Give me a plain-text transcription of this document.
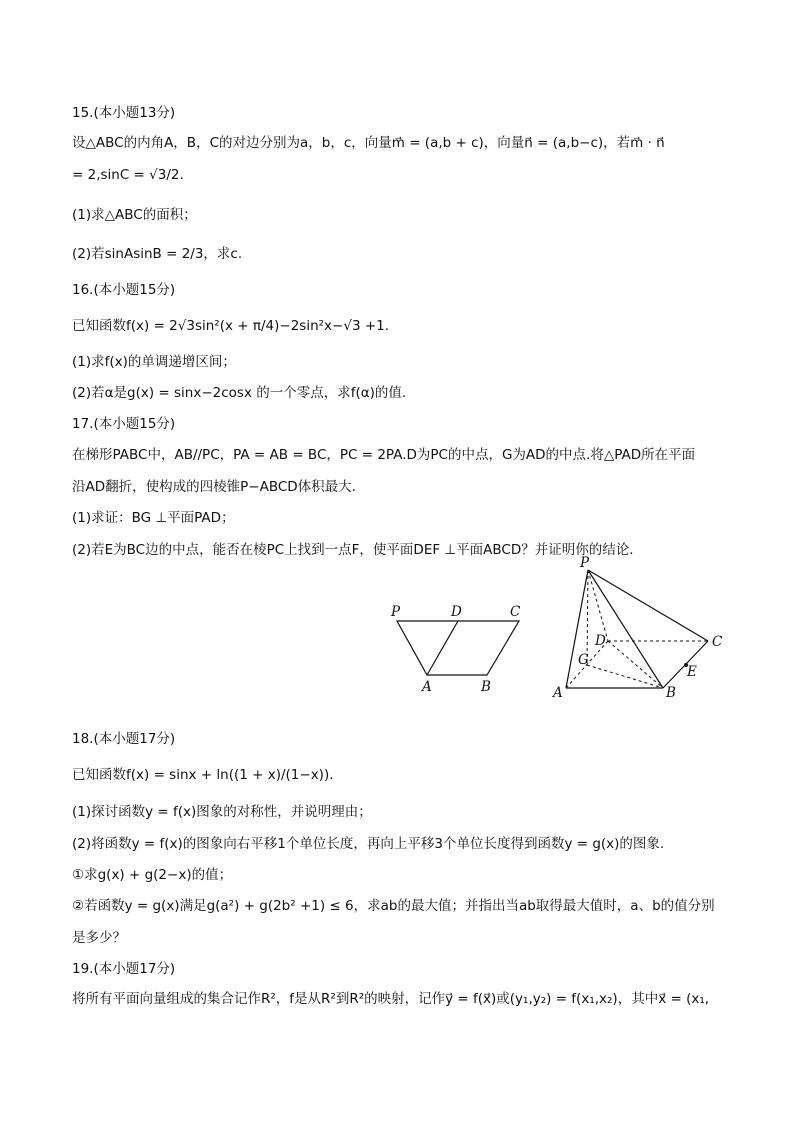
15.(本小题13分)
设△ABC的内角A，B，C的对边分别为a，b，c，向量m⃗ = (a,b + c)，向量n⃗ = (a,b−c)，若m⃗ · n⃗
= 2,sinC = √3/2.
(1)求△ABC的面积；
(2)若sinAsinB = 2/3，求c.
16.(本小题15分)
已知函数f(x) = 2√3sin²(x + π/4)−2sin²x−√3 +1.
(1)求f(x)的单调递增区间；
(2)若α是g(x) = sinx−2cosx 的一个零点，求f(α)的值.
17.(本小题15分)
在梯形PABC中，AB//PC，PA = AB = BC，PC = 2PA.D为PC的中点，G为AD的中点.将△PAD所在平面
沿AD翻折，使构成的四棱锥P−ABCD体积最大.
(1)求证：BG ⊥平面PAD；
(2)若E为BC边的中点，能否在棱PC上找到一点F，使平面DEF ⊥平面ABCD？并证明你的结论.
P	D	C
A	B
P
D	C
G
E
A	B
18.(本小题17分)
已知函数f(x) = sinx + ln((1 + x)/(1−x)).
(1)探讨函数y = f(x)图象的对称性，并说明理由；
(2)将函数y = f(x)的图象向右平移1个单位长度，再向上平移3个单位长度得到函数y = g(x)的图象.
①求g(x) + g(2−x)的值；
②若函数y = g(x)满足g(a²) + g(2b² +1) ≤ 6，求ab的最大值；并指出当ab取得最大值时，a、b的值分别
是多少？
19.(本小题17分)
将所有平面向量组成的集合记作R²，f是从R²到R²的映射，记作y⃗ = f(x⃗)或(y₁,y₂) = f(x₁,x₂)，其中x⃗ = (x₁,
